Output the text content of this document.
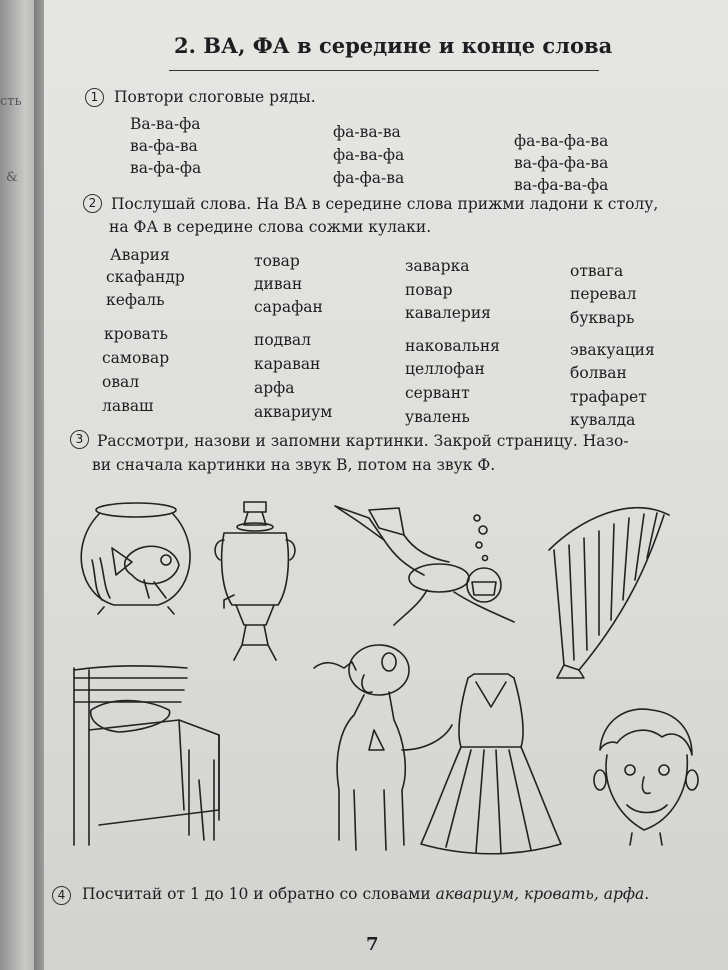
сть
&
2. ВА, ФА в середине и конце слова
1	Повтори слоговые ряды.
Ва-ва-фа
ва-фа-ва
ва-фа-фа
фа-ва-ва
фа-ва-фа
фа-фа-ва
фа-ва-фа-ва
ва-фа-фа-ва
ва-фа-ва-фа
2 Послушай слова. На ВА в середине слова прижми ладони к столу,
на ФА в середине слова сожми кулаки.
Авария
скафандр
кефаль
товар
диван
сарафан
заварка
повар
кавалерия
отвага
перевал
букварь
кровать
самовар
овал
лаваш
подвал
караван
арфа
аквариум
наковальня
целлофан
сервант
увалень
эвакуация
болван
трафарет
кувалда
3 Рассмотри, назови и запомни картинки. Закрой страницу. Назо-
ви сначала картинки на звук В, потом на звук Ф.
4	Посчитай от 1 до 10 и обратно со словами аквариум, кровать, арфа.
7
